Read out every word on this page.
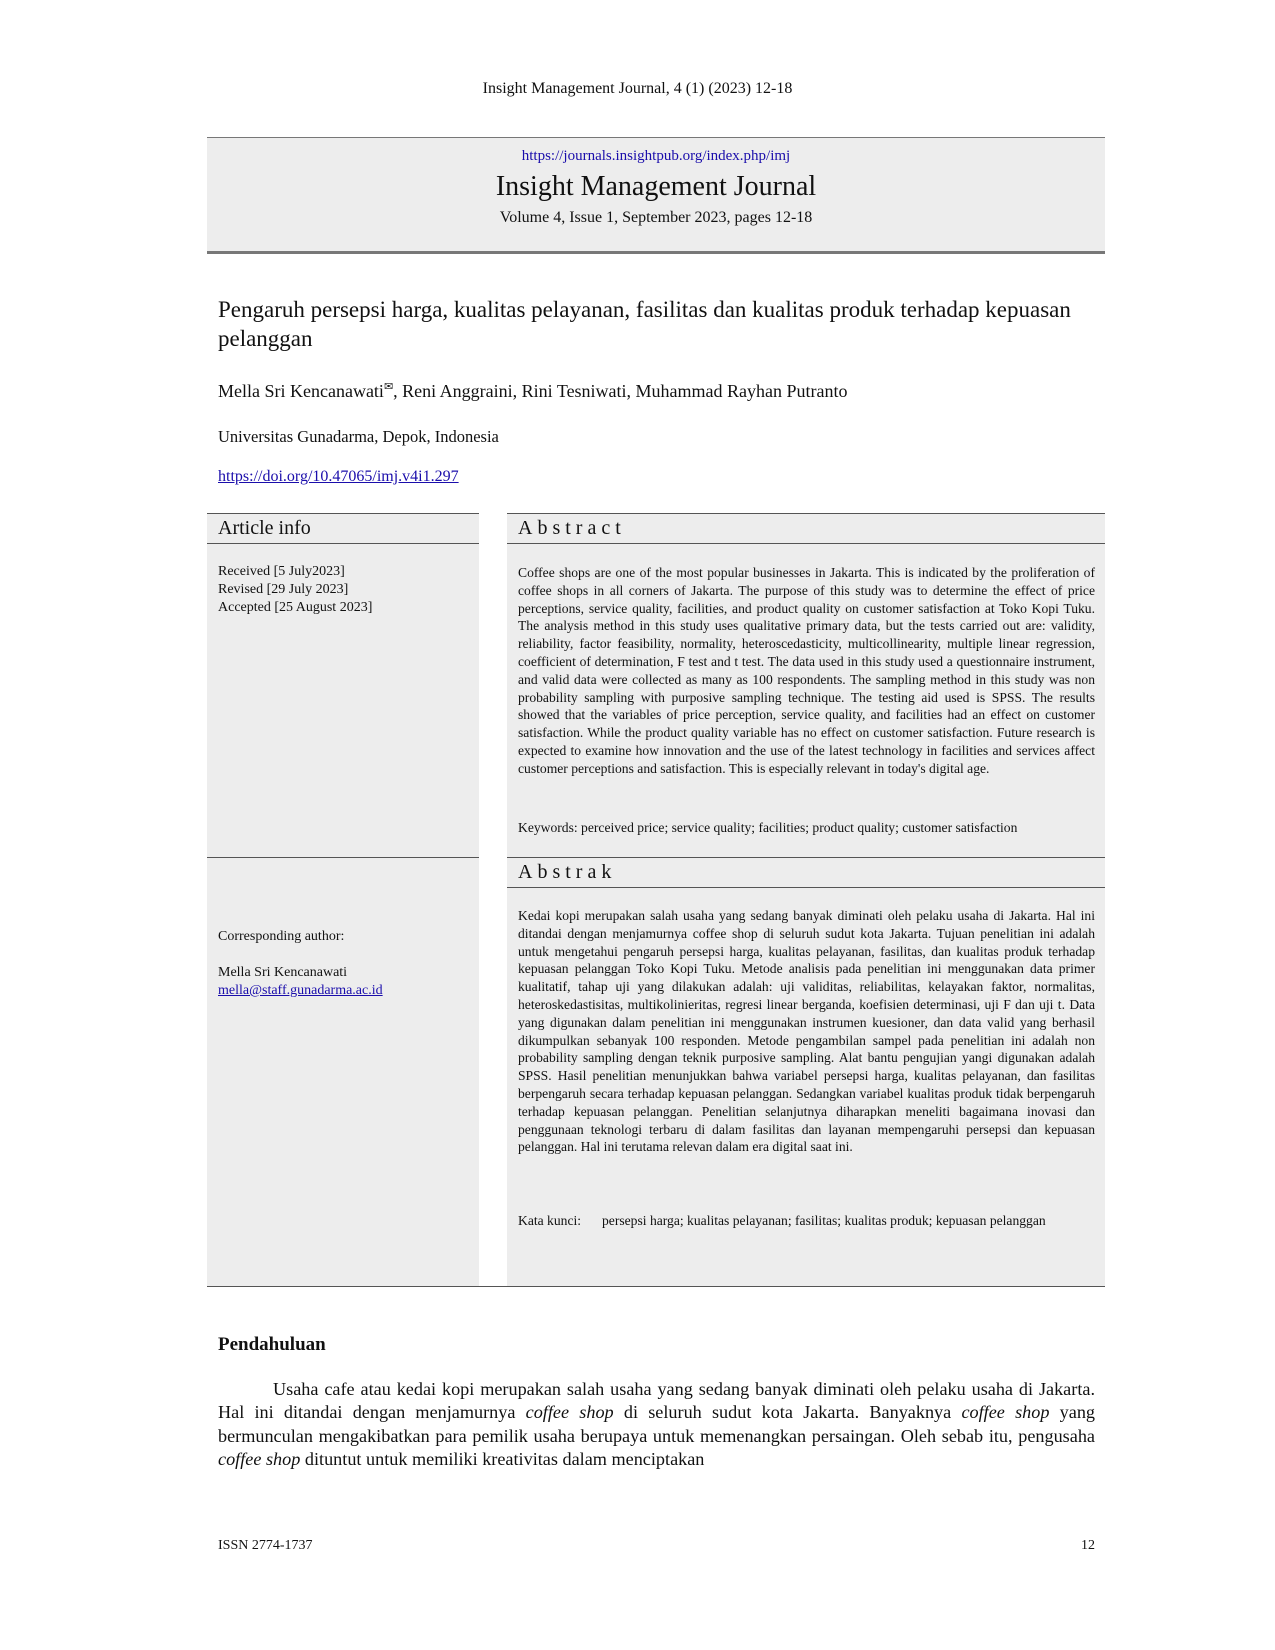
Insight Management Journal, 4 (1) (2023) 12-18
https://journals.insightpub.org/index.php/imj
Insight Management Journal
Volume 4, Issue 1, September 2023, pages 12-18
Pengaruh persepsi harga, kualitas pelayanan, fasilitas dan kualitas produk terhadap kepuasan pelanggan
Mella Sri Kencanawati✉, Reni Anggraini, Rini Tesniwati, Muhammad Rayhan Putranto
Universitas Gunadarma, Depok, Indonesia
https://doi.org/10.47065/imj.v4i1.297
Article info
Received [5 July2023]
Revised [29 July 2023]
Accepted [25 August 2023]
Corresponding author:
Mella Sri Kencanawati
mella@staff.gunadarma.ac.id
Abstract

Coffee shops are one of the most popular businesses in Jakarta. This is indicated by the proliferation of coffee shops in all corners of Jakarta. The purpose of this study was to determine the effect of price perceptions, service quality, facilities, and product quality on customer satisfaction at Toko Kopi Tuku. The analysis method in this study uses qualitative primary data, but the tests carried out are: validity, reliability, factor feasibility, normality, heteroscedasticity, multicollinearity, multiple linear regression, coefficient of determination, F test and t test. The data used in this study used a questionnaire instrument, and valid data were collected as many as 100 respondents. The sampling method in this study was non probability sampling with purposive sampling technique. The testing aid used is SPSS. The results showed that the variables of price perception, service quality, and facilities had an effect on customer satisfaction. While the product quality variable has no effect on customer satisfaction. Future research is expected to examine how innovation and the use of the latest technology in facilities and services affect customer perceptions and satisfaction. This is especially relevant in today's digital age.

Keywords: perceived price; service quality; facilities; product quality; customer satisfaction
Abstrak

Kedai kopi merupakan salah usaha yang sedang banyak diminati oleh pelaku usaha di Jakarta. Hal ini ditandai dengan menjamurnya coffee shop di seluruh sudut kota Jakarta. Tujuan penelitian ini adalah untuk mengetahui pengaruh persepsi harga, kualitas pelayanan, fasilitas, dan kualitas produk terhadap kepuasan pelanggan Toko Kopi Tuku. Metode analisis pada penelitian ini menggunakan data primer kualitatif, tahap uji yang dilakukan adalah: uji validitas, reliabilitas, kelayakan faktor, normalitas, heteroskedastisitas, multikolinieritas, regresi linear berganda, koefisien determinasi, uji F dan uji t. Data yang digunakan dalam penelitian ini menggunakan instrumen kuesioner, dan data valid yang berhasil dikumpulkan sebanyak 100 responden. Metode pengambilan sampel pada penelitian ini adalah non probability sampling dengan teknik purposive sampling. Alat bantu pengujian yangi digunakan adalah SPSS. Hasil penelitian menunjukkan bahwa variabel persepsi harga, kualitas pelayanan, dan fasilitas berpengaruh secara terhadap kepuasan pelanggan. Sedangkan variabel kualitas produk tidak berpengaruh terhadap kepuasan pelanggan. Penelitian selanjutnya diharapkan meneliti bagaimana inovasi dan penggunaan teknologi terbaru di dalam fasilitas dan layanan mempengaruhi persepsi dan kepuasan pelanggan. Hal ini terutama relevan dalam era digital saat ini.

Kata kunci:	persepsi harga; kualitas pelayanan; fasilitas; kualitas produk; kepuasan pelanggan
Pendahuluan

Usaha cafe atau kedai kopi merupakan salah usaha yang sedang banyak diminati oleh pelaku usaha di Jakarta. Hal ini ditandai dengan menjamurnya coffee shop di seluruh sudut kota Jakarta. Banyaknya coffee shop yang bermunculan mengakibatkan para pemilik usaha berupaya untuk memenangkan persaingan. Oleh sebab itu, pengusaha coffee shop dituntut untuk memiliki kreativitas dalam menciptakan

ISSN 2774-1737	12
